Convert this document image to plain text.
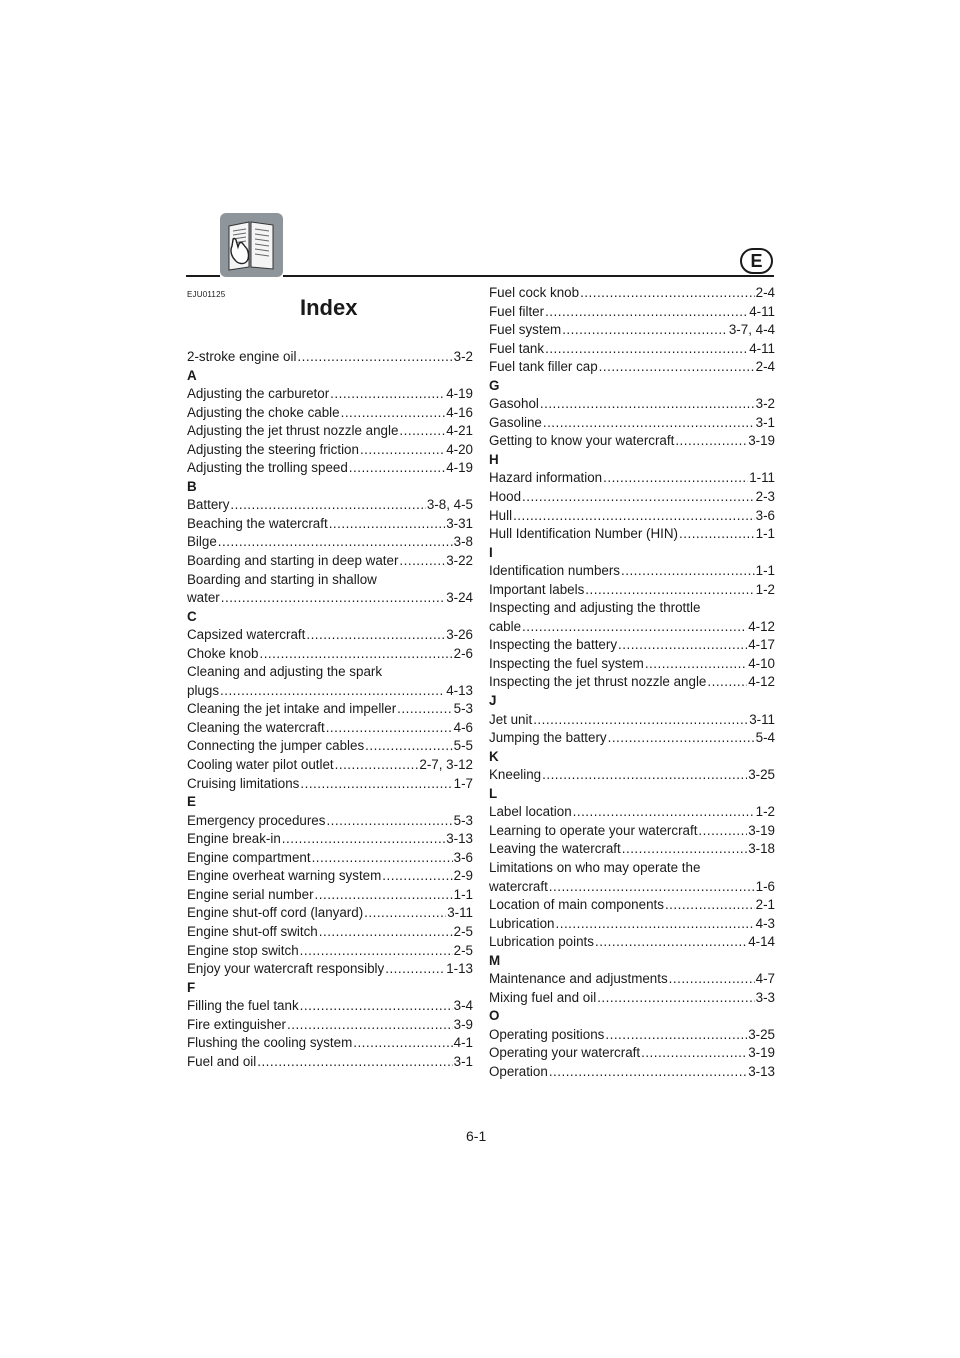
E
EJU01125
Index
2-stroke engine oil .....	3-2
A
Adjusting the carburetor .....	4-19
Adjusting the choke cable .....	4-16
Adjusting the jet thrust nozzle angle .....	4-21
Adjusting the steering friction .....	4-20
Adjusting the trolling speed .....	4-19
B
Battery .....	3-8, 4-5
Beaching the watercraft .....	3-31
Bilge .....	3-8
Boarding and starting in deep water .....	3-22
Boarding and starting in shallow
water .....	3-24
C
Capsized watercraft .....	3-26
Choke knob .....	2-6
Cleaning and adjusting the spark
plugs .....	4-13
Cleaning the jet intake and impeller .....	5-3
Cleaning the watercraft .....	4-6
Connecting the jumper cables .....	5-5
Cooling water pilot outlet .....	2-7, 3-12
Cruising limitations .....	1-7
E
Emergency procedures .....	5-3
Engine break-in .....	3-13
Engine compartment .....	3-6
Engine overheat warning system .....	2-9
Engine serial number .....	1-1
Engine shut-off cord (lanyard) .....	3-11
Engine shut-off switch .....	2-5
Engine stop switch .....	2-5
Enjoy your watercraft responsibly .....	1-13
F
Filling the fuel tank .....	3-4
Fire extinguisher .....	3-9
Flushing the cooling system .....	4-1
Fuel and oil .....	3-1
Fuel cock knob .....	2-4
Fuel filter .....	4-11
Fuel system .....	3-7, 4-4
Fuel tank .....	4-11
Fuel tank filler cap .....	2-4
G
Gasohol .....	3-2
Gasoline .....	3-1
Getting to know your watercraft .....	3-19
H
Hazard information .....	1-11
Hood .....	2-3
Hull .....	3-6
Hull Identification Number (HIN) .....	1-1
I
Identification numbers .....	1-1
Important labels .....	1-2
Inspecting and adjusting the throttle
cable .....	4-12
Inspecting the battery .....	4-17
Inspecting the fuel system .....	4-10
Inspecting the jet thrust nozzle angle .....	4-12
J
Jet unit .....	3-11
Jumping the battery .....	5-4
K
Kneeling .....	3-25
L
Label location .....	1-2
Learning to operate your watercraft .....	3-19
Leaving the watercraft .....	3-18
Limitations on who may operate the
watercraft .....	1-6
Location of main components .....	2-1
Lubrication .....	4-3
Lubrication points .....	4-14
M
Maintenance and adjustments .....	4-7
Mixing fuel and oil .....	3-3
O
Operating positions .....	3-25
Operating your watercraft .....	3-19
Operation .....	3-13
6-1
